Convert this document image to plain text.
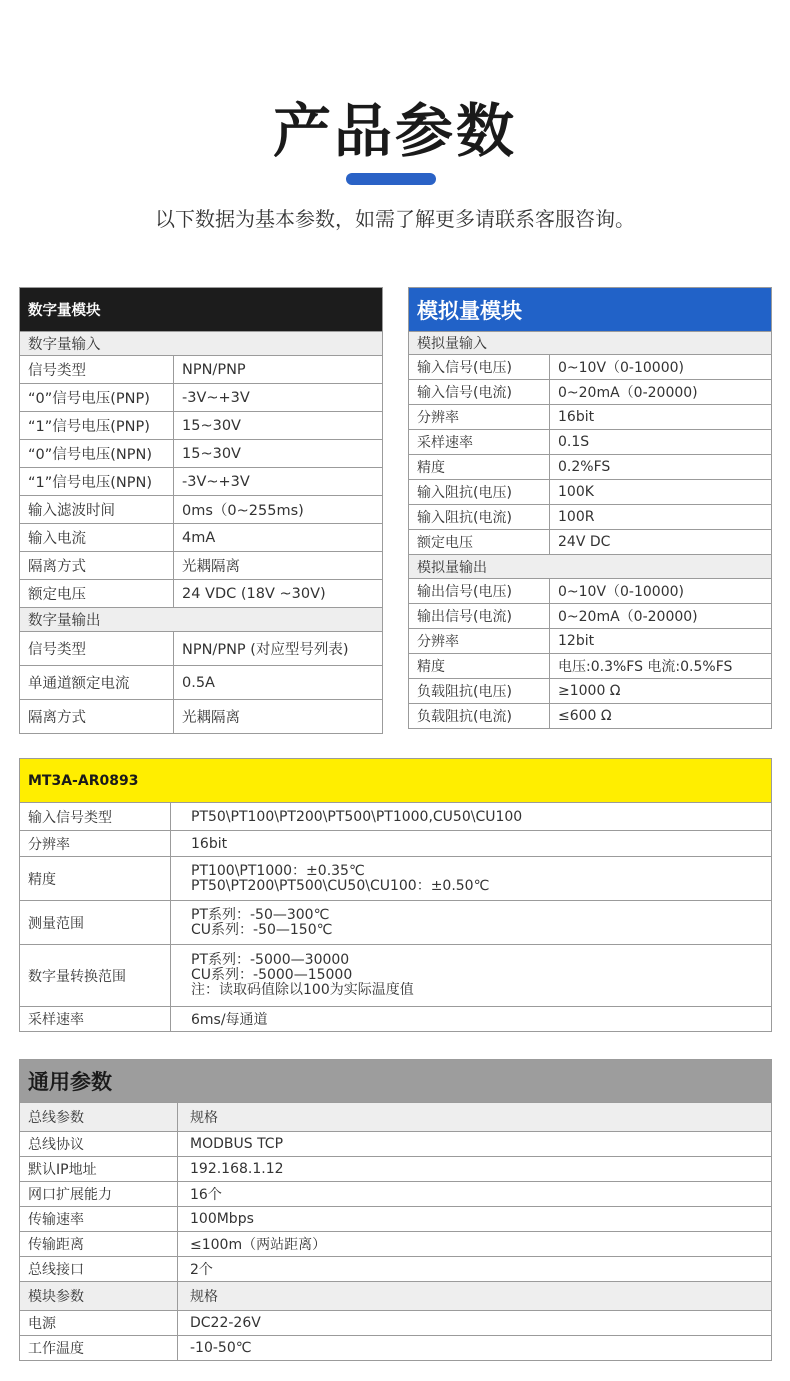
产品参数
以下数据为基本参数，如需了解更多请联系客服咨询。
数字量模块	
数字量输入	
信号类型	NPN/PNP
“0”信号电压(PNP)	-3V~+3V
“1”信号电压(PNP)	15~30V
“0”信号电压(NPN)	15~30V
“1”信号电压(NPN)	-3V~+3V
输入滤波时间	0ms（0~255ms)
输入电流	4mA
隔离方式	光耦隔离
额定电压	24 VDC (18V ~30V)
数字量输出	
信号类型	NPN/PNP (对应型号列表)
单通道额定电流	0.5A
隔离方式	光耦隔离
模拟量模块	
模拟量输入	
输入信号(电压)	0~10V（0-10000)
输入信号(电流)	0~20mA（0-20000)
分辨率	16bit
采样速率	0.1S
精度	0.2%FS
输入阻抗(电压)	100K
输入阻抗(电流)	100R
额定电压	24V DC
模拟量输出	
输出信号(电压)	0~10V（0-10000)
输出信号(电流)	0~20mA（0-20000)
分辨率	12bit
精度	电压:0.3%FS 电流:0.5%FS
负载阻抗(电压)	≥1000 Ω
负载阻抗(电流)	≤600 Ω
MT3A-AR0893	
输入信号类型	PT50\PT100\PT200\PT500\PT1000,CU50\CU100

分辨率	16bit

精度	PT100\PT1000：±0.35℃
PT50\PT200\PT500\CU50\CU100：±0.50℃

测量范围	PT系列：-50—300℃
CU系列：-50—150℃

数字量转换范围	PT系列：-5000—30000
CU系列：-5000—15000
注：读取码值除以100为实际温度值

采样速率	6ms/每通道
通用参数	
总线参数	规格
总线协议	MODBUS TCP
默认IP地址	192.168.1.12
网口扩展能力	16个
传输速率	100Mbps
传输距离	≤100m（两站距离）
总线接口	2个
模块参数	规格
电源	DC22-26V
工作温度	-10-50℃
